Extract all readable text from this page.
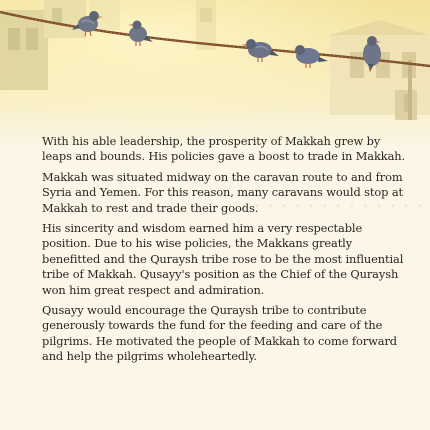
· · · · · · · · · · · · · · · ·

With his able leadership, the prosperity of Makkah grew by leaps and bounds. His policies gave a boost to trade in Makkah.

Makkah was situated midway on the caravan route to and from Syria and Yemen. For this reason, many caravans would stop at Makkah to rest and trade their goods.

His sincerity and wisdom earned him a very respectable position. Due to his wise policies, the Makkans greatly benefitted and the Quraysh tribe rose to be the most influential tribe of Makkah. Qusayy's position as the Chief of the Quraysh won him great respect and admiration.

Qusayy would encourage the Quraysh tribe to contribute generously towards the fund for the feeding and care of the pilgrims. He motivated the people of Makkah to come forward and help the pilgrims wholeheartedly.
